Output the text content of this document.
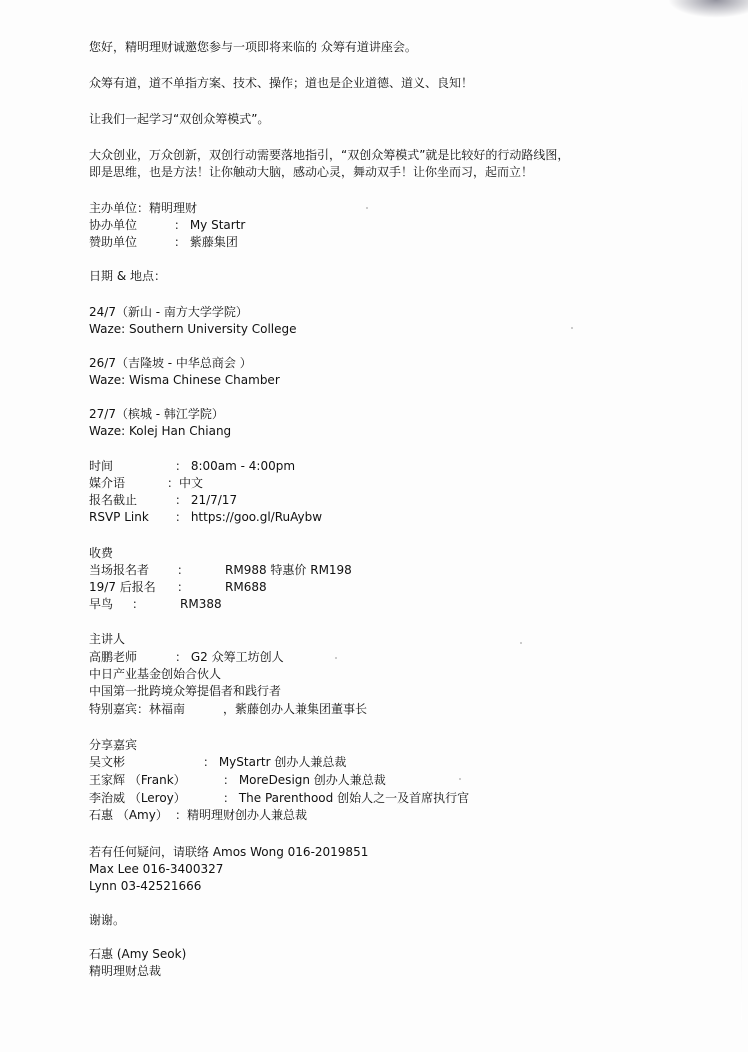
您好，精明理财诚邀您参与一项即将来临的 众筹有道讲座会。
众筹有道，道不单指方案、技术、操作；道也是企业道德、道义、良知！
让我们一起学习“双创众筹模式”。
大众创业，万众创新，双创行动需要落地指引，“双创众筹模式”就是比较好的行动路线图，
即是思维，也是方法！让你触动大脑，感动心灵，舞动双手！让你坐而习，起而立！
主办单位：精明理财
协办单位	： My Startr
赞助单位	： 紫藤集团
日期 & 地点：
24/7（新山 - 南方大学学院）
Waze: Southern University College
26/7（吉隆坡 - 中华总商会 ）
Waze: Wisma Chinese Chamber
27/7（槟城 - 韩江学院）
Waze: Kolej Han Chiang
时间	： 8:00am - 4:00pm
媒介语	：中文
报名截止	： 21/7/17
RSVP Link ： https://goo.gl/RuAybw
收费
当场报名者 ：	RM988 特惠价 RM198
19/7 后报名 ：	RM688
早鸟 ：	RM388
主讲人
高鹏老师	： G2 众筹工坊创人
中日产业基金创始合伙人
中国第一批跨境众筹提倡者和践行者
特别嘉宾：林福南	，紫藤创办人兼集团董事长
分享嘉宾
吴文彬	： MyStartr 创办人兼总裁
王家辉 （Frank）	： MoreDesign 创办人兼总裁
李治威 （Leroy）	： The Parenthood 创始人之一及首席执行官
石惠 （Amy） ：精明理财创办人兼总裁
若有任何疑问，请联络 Amos Wong 016-2019851
Max Lee 016-3400327
Lynn 03-42521666
谢谢。
石惠 (Amy Seok)
精明理财总裁
